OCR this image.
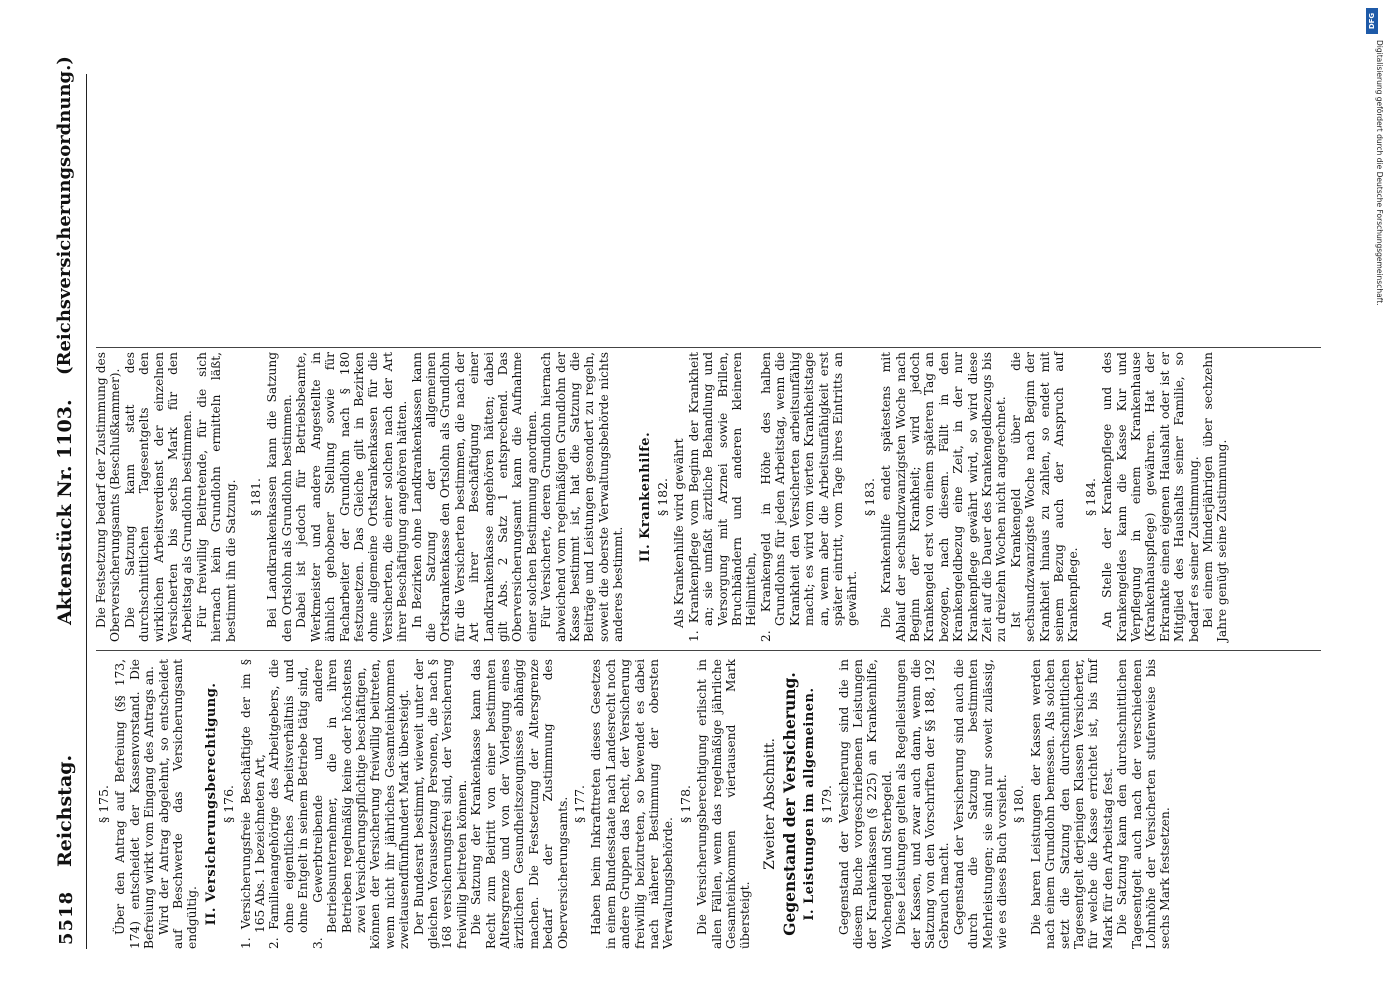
5518
Reichstag.
Aktenstück Nr. 1103.
(Reichsversicherungsordnung.)
§ 175. Über den Antrag auf Befreiung (§§ 173, 174) entscheidet der Kassenvorstand. Die Befreiung wirkt vom Eingang des Antrags an. Wird der Antrag abgelehnt, so entscheidet auf Beschwerde das Versicherungsamt endgültig. II. Versicherungsberechtigung. § 176. 1. Versicherungsfreie Beschäftigte der im § 165 Abs. 1 bezeichneten Art, 2. Familienangehörige des Arbeitgebers, die ohne eigentliches Arbeitsverhältnis und ohne Entgelt in seinem Betriebe tätig sind, 3. Gewerbtreibende und andere Betriebsunternehmer, die in ihren Betrieben regelmäßig keine oder höchstens zwei Versicherungspflichtige beschäftigen, können der Versicherung freiwillig beitreten, wenn nicht ihr jährliches Gesamteinkommen zweitausendfünfhundert Mark übersteigt. Der Bundesrat bestimmt, wieweit unter der gleichen Voraussetzung Personen, die nach § 168 versicherungsfrei sind, der Versicherung freiwillig beitreten können. Die Satzung der Krankenkasse kann das Recht zum Beitritt von einer bestimmten Altersgrenze und von der Vorlegung eines ärztlichen Gesundheitszeugnisses abhängig machen. Die Festsetzung der Altersgrenze bedarf der Zustimmung des Oberversicherungsamts. § 177. Haben beim Inkrafttreten dieses Gesetzes in einem Bundesstaate nach Landesrecht noch andere Gruppen das Recht, der Versicherung freiwillig beizutreten, so bewendet es dabei nach näherer Bestimmung der obersten Verwaltungsbehörde.

§ 178. Die Versicherungsberechtigung erlischt in allen Fällen, wenn das regelmäßige jährliche Gesamteinkommen viertausend Mark übersteigt.

Zweiter Abschnitt. Gegenstand der Versicherung. I. Leistungen im allgemeinen. § 179. Gegenstand der Versicherung sind die in diesem Buche vorgeschriebenen Leistungen der Krankenkassen (§ 225) an Krankenhilfe, Wochengeld und Sterbegeld. Diese Leistungen gelten als Regelleistungen der Kassen, und zwar auch dann, wenn die Satzung von den Vorschriften der §§ 188, 192 Gebrauch macht. Gegenstand der Versicherung sind auch die durch die Satzung bestimmten Mehrleistungen; sie sind nur soweit zulässig, wie es dieses Buch vorsieht. § 180. Die baren Leistungen der Kassen werden nach einem Grundlohn bemessen. Als solchen setzt die Satzung den durchschnittlichen Tagesentgelt derjenigen Klassen Versicherter, für welche die Kasse errichtet ist, bis fünf Mark für den Arbeitstag fest. Die Satzung kann den durchschnittlichen Tagesentgelt auch nach der verschiedenen Lohnhöhe der Versicherten stufenweise bis sechs Mark festsetzen.

Die Festsetzung bedarf der Zustimmung des Oberversicherungsamts (Beschlußkammer). Die Satzung kann statt des durchschnittlichen Tagesentgelts den wirklichen Arbeitsverdienst der einzelnen Versicherten bis sechs Mark für den Arbeitstag als Grundlohn bestimmen. Für freiwillig Beitretende, für die sich hiernach kein Grundlohn ermitteln läßt, bestimmt ihn die Satzung. § 181. Bei Landkrankenkassen kann die Satzung den Ortslohn als Grundlohn bestimmen. Dabei ist jedoch für Betriebsbeamte, Werkmeister und andere Angestellte in ähnlich gehobener Stellung sowie für Facharbeiter der Grundlohn nach § 180 festzusetzen. Das Gleiche gilt in Bezirken ohne allgemeine Ortskrankenkassen für die Versicherten, die einer solchen nach der Art ihrer Beschäftigung angehören hätten. In Bezirken ohne Landkrankenkassen kann die Satzung der allgemeinen Ortskrankenkasse den Ortslohn als Grundlohn für die Versicherten bestimmen, die nach der Art ihrer Beschäftigung einer Landkrankenkasse angehören hätten; dabei gilt Abs. 2 Satz 1 entsprechend. Das Oberversicherungsamt kann die Aufnahme einer solchen Bestimmung anordnen. Für Versicherte, deren Grundlohn hiernach abweichend vom regelmäßigen Grundlohn der Kasse bestimmt ist, hat die Satzung die Beiträge und Leistungen gesondert zu regeln, soweit die oberste Verwaltungsbehörde nichts anderes bestimmt.

II. Krankenhilfe. § 182. Als Krankenhilfe wird gewährt 1. Krankenpflege vom Beginn der Krankheit an; sie umfaßt ärztliche Behandlung und Versorgung mit Arznei sowie Brillen, Bruchbändern und anderen kleineren Heilmitteln, 2. Krankengeld in Höhe des halben Grundlohns für jeden Arbeitstag, wenn die Krankheit den Versicherten arbeitsunfähig macht; es wird vom vierten Krankheitstage an, wenn aber die Arbeitsunfähigkeit erst später eintritt, vom Tage ihres Eintritts an gewährt.
§ 183. Die Krankenhilfe endet spätestens mit Ablauf der sechsundzwanzigsten Woche nach Beginn der Krankheit; wird jedoch Krankengeld erst von einem späteren Tag an bezogen, nach diesem. Fällt in den Krankengeldbezug eine Zeit, in der nur Krankenpflege gewährt wird, so wird diese Zeit auf die Dauer des Krankengeldbezugs bis zu dreizehn Wochen nicht angerechnet. Ist Krankengeld über die sechsundzwanzigste Woche nach Beginn der Krankheit hinaus zu zahlen, so endet mit seinem Bezug auch der Anspruch auf Krankenpflege.

§ 184. An Stelle der Krankenpflege und des Krankengeldes kann die Kasse Kur und Verpflegung in einem Krankenhause (Krankenhauspflege) gewähren. Hat der Erkrankte einen eigenen Haushalt oder ist er Mitglied des Haushalts seiner Familie, so bedarf es seiner Zustimmung. Bei einem Minderjährigen über sechzehn Jahre genügt seine Zustimmung.

DFG
Digitalisierung gefördert durch die Deutsche Forschungsgemeinschaft.
